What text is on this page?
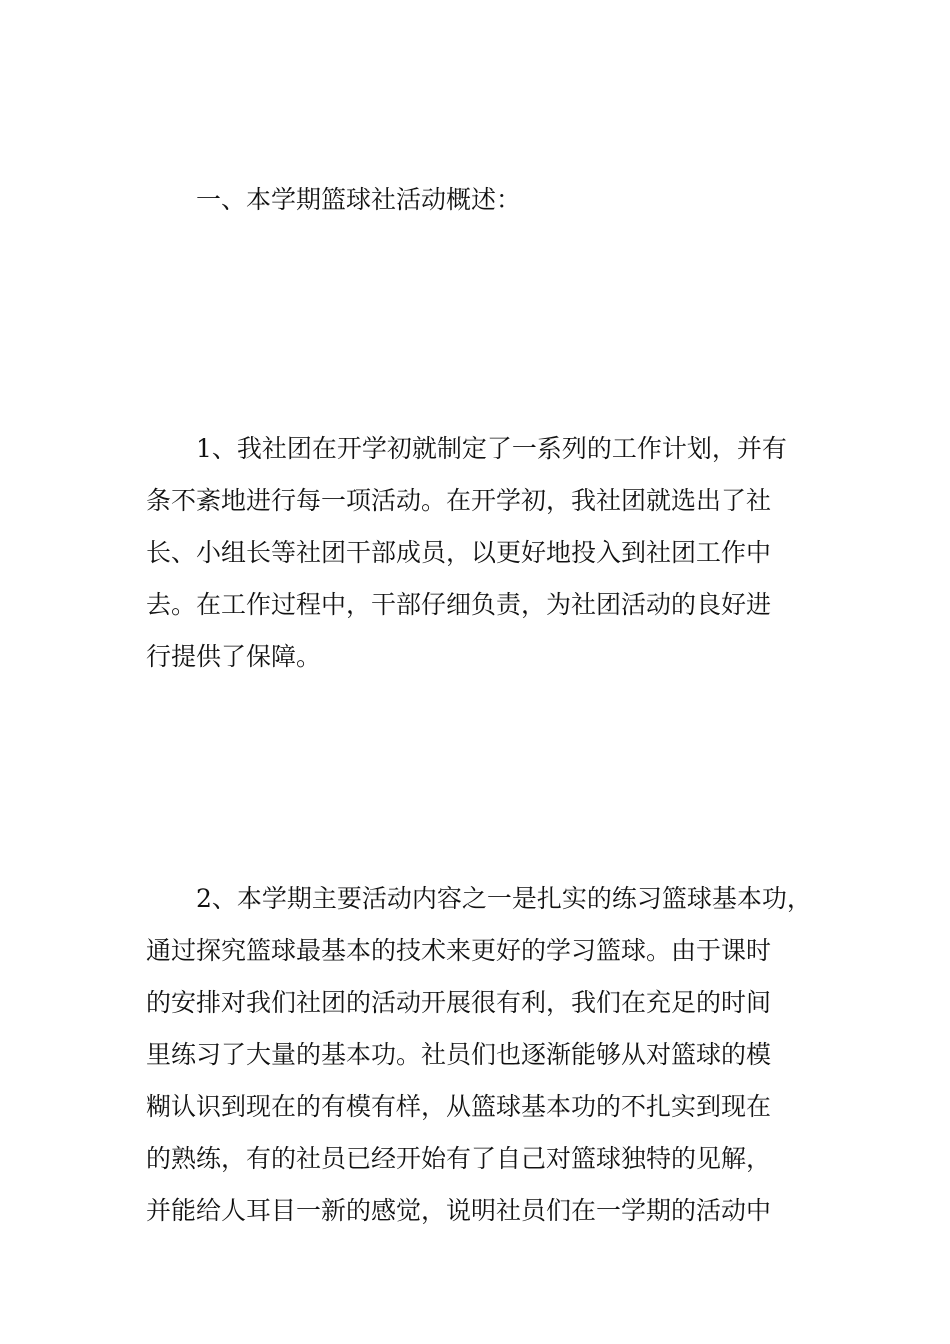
一、本学期篮球社活动概述：
1、我社团在开学初就制定了一系列的工作计划，并有
条不紊地进行每一项活动。在开学初，我社团就选出了社
长、小组长等社团干部成员，以更好地投入到社团工作中
去。在工作过程中，干部仔细负责，为社团活动的良好进
行提供了保障。
2、本学期主要活动内容之一是扎实的练习篮球基本功，
通过探究篮球最基本的技术来更好的学习篮球。由于课时
的安排对我们社团的活动开展很有利，我们在充足的时间
里练习了大量的基本功。社员们也逐渐能够从对篮球的模
糊认识到现在的有模有样，从篮球基本功的不扎实到现在
的熟练，有的社员已经开始有了自己对篮球独特的见解，
并能给人耳目一新的感觉，说明社员们在一学期的活动中
